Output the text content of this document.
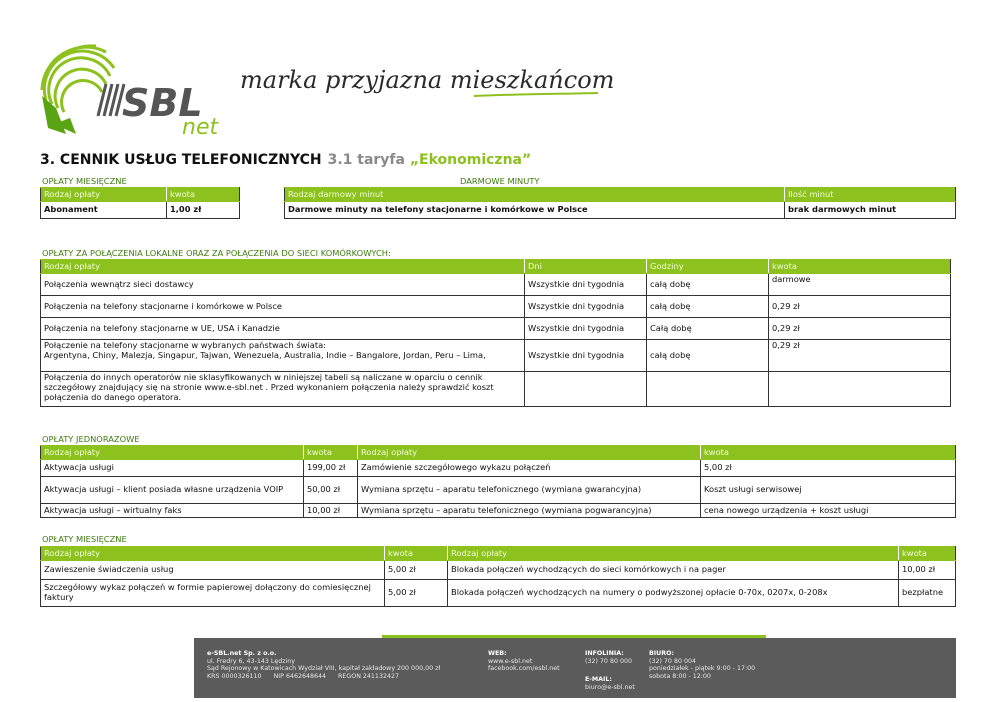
SBL
net
marka przyjazna mieszkańcom
3. CENNIK USŁUG TELEFONICZNYCH 3.1 taryfa „Ekonomiczna”
OPŁATY MIESIĘCZNE
Rodzaj opłaty	kwota
Abonament	1,00 zł
DARMOWE MINUTY
Rodzaj darmowy minut	Ilość minut
Darmowe minuty na telefony stacjonarne i komórkowe w Polsce	brak darmowych minut
OPŁATY ZA POŁĄCZENIA LOKALNE ORAZ ZA POŁĄCZENIA DO SIECI KOMÓRKOWYCH:
Rodzaj opłaty	Dni	Godziny	kwota
Połączenia wewnątrz sieci dostawcy	Wszystkie dni tygodnia	całą dobę	darmowe
Połączenia na telefony stacjonarne i komórkowe w Polsce	Wszystkie dni tygodnia	całą dobę	0,29 zł
Połączenia na telefony stacjonarne w UE, USA i Kanadzie	Wszystkie dni tygodnia	Całą dobę	0,29 zł
Połączenie na telefony stacjonarne w wybranych państwach świata:
Argentyna, Chiny, Malezja, Singapur, Tajwan, Wenezuela, Australia, Indie – Bangalore, Jordan, Peru – Lima,	Wszystkie dni tygodnia	całą dobę	0,29 zł
Połączenia do innych operatorów nie sklasyfikowanych w niniejszej tabeli są naliczane w oparciu o cennik szczegółowy znajdujący się na stronie www.e-sbl.net . Przed wykonaniem połączenia należy sprawdzić koszt połączenia do danego operatora.			
OPŁATY JEDNORAZOWE
Rodzaj opłaty	kwota	Rodzaj opłaty	kwota
Aktywacja usługi	199,00 zł	Zamówienie szczegółowego wykazu połączeń	5,00 zł
Aktywacja usługi – klient posiada własne urządzenia VOIP	50,00 zł	Wymiana sprzętu – aparatu telefonicznego (wymiana gwarancyjna)	Koszt usługi serwisowej
Aktywacja usługi – wirtualny faks	10,00 zł	Wymiana sprzętu – aparatu telefonicznego (wymiana pogwarancyjna)	cena nowego urządzenia + koszt usługi
OPŁATY MIESIĘCZNE
Rodzaj opłaty	kwota	Rodzaj opłaty	kwota
Zawieszenie świadczenia usług	5,00 zł	Blokada połączeń wychodzących do sieci komórkowych i na pager	10,00 zł
Szczegółowy wykaz połączeń w formie papierowej dołączony do comiesięcznej faktury	5,00 zł	Blokada połączeń wychodzących na numery o podwyższonej opłacie 0-70x, 0207x, 0-208x	bezpłatne
e-SBL.net Sp. z o.o.
ul. Fredry 6, 43-143 Lędziny
Sąd Rejonowy w Katowicach Wydział VIII, kapitał zakładowy 200 000,00 zł
KRS 0000326110      NIP 6462648644      REGON 241132427
WEB:
www.e-sbl.net
facebook.com/esbl.net
INFOLINIA:
(32) 70 80 000
E-MAIL:
biuro@e-sbl.net
BIURO:
(32) 70 80 004
poniedziałek - piątek 9:00 - 17:00
sobota 8:00 - 12:00
